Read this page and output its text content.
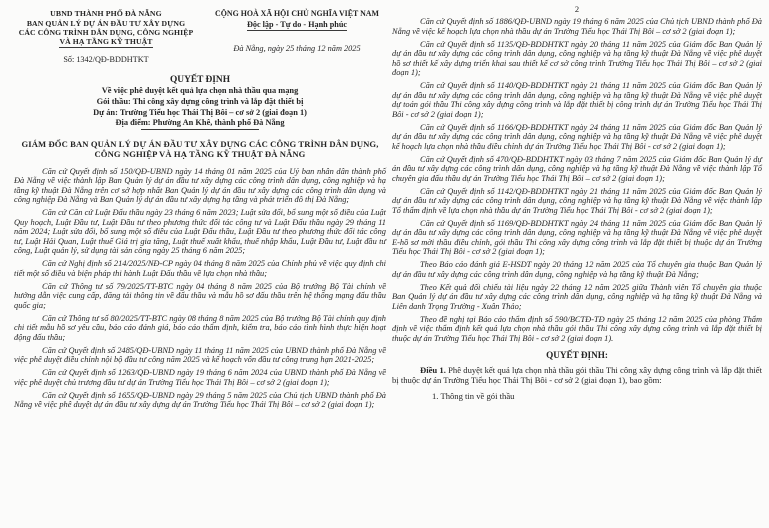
UBND THÀNH PHỐ ĐÀ NẴNG
BAN QUẢN LÝ DỰ ÁN ĐẦU TƯ XÂY DỰNG
CÁC CÔNG TRÌNH DÂN DỤNG, CÔNG NGHIỆP
VÀ HẠ TẦNG KỸ THUẬT
Số: 1342/QĐ-BDDHTKT
CỘNG HOÀ XÃ HỘI CHỦ NGHĨA VIỆT NAM
Độc lập - Tự do - Hạnh phúc
Đà Nẵng, ngày 25 tháng 12 năm 2025
QUYẾT ĐỊNH
Về việc phê duyệt kết quả lựa chọn nhà thầu qua mạng
Gói thầu: Thi công xây dựng công trình và lắp đặt thiết bị
Dự án: Trường Tiểu học Thái Thị Bôi – cơ sở 2 (giai đoạn 1)
Địa điểm: Phường An Khê, thành phố Đà Nẵng
GIÁM ĐỐC BAN QUẢN LÝ DỰ ÁN ĐẦU TƯ XÂY DỰNG CÁC CÔNG TRÌNH DÂN DỤNG, CÔNG NGHIỆP VÀ HẠ TẦNG KỸ THUẬT ĐÀ NẴNG

Căn cứ Quyết định số 150/QĐ-UBND ngày 14 tháng 01 năm 2025 của Uỷ ban nhân dân thành phố Đà Nẵng về việc thành lập Ban Quản lý dự án đầu tư xây dựng các công trình dân dụng, công nghiệp và hạ tầng kỹ thuật Đà Nẵng trên cơ sở hợp nhất Ban Quản lý dự án đầu tư xây dựng các công trình dân dụng và công nghiệp Đà Nẵng và Ban Quản lý dự án đầu tư xây dựng hạ tầng và phát triển đô thị Đà Nẵng;

Căn cứ Căn cứ Luật Đấu thầu ngày 23 tháng 6 năm 2023; Luật sửa đổi, bổ sung một số điều của Luật Quy hoạch, Luật Đầu tư, Luật Đầu tư theo phương thức đối tác công tư và Luật Đấu thầu ngày 29 tháng 11 năm 2024; Luật sửa đổi, bổ sung một số điều của Luật Đấu thầu, Luật Đầu tư theo phương thức đối tác công tư, Luật Hải Quan, Luật thuế Giá trị gia tăng, Luật thuế xuất khẩu, thuế nhập khẩu, Luật Đầu tư, Luật đầu tư công, Luật quản lý, sử dụng tài sản công ngày 25 tháng 6 năm 2025;

Căn cứ Nghị định số 214/2025/NĐ-CP ngày 04 tháng 8 năm 2025 của Chính phủ về việc quy định chi tiết một số điều và biện pháp thi hành Luật Đấu thầu về lựa chọn nhà thầu;

Căn cứ Thông tư số 79/2025/TT-BTC ngày 04 tháng 8 năm 2025 của Bộ trưởng Bộ Tài chính về hướng dẫn việc cung cấp, đăng tải thông tin về đấu thầu và mẫu hồ sơ đấu thầu trên hệ thống mạng đấu thầu quốc gia;

Căn cứ Thông tư số 80/2025/TT-BTC ngày 08 tháng 8 năm 2025 của Bộ trưởng Bộ Tài chính quy định chi tiết mẫu hồ sơ yêu cầu, báo cáo đánh giá, báo cáo thẩm định, kiểm tra, báo cáo tình hình thực hiện hoạt động đấu thầu;

Căn cứ Quyết định số 2485/QĐ-UBND ngày 11 tháng 11 năm 2025 của UBND thành phố Đà Nẵng về việc phê duyệt điều chỉnh nội bộ đầu tư công năm 2025 và kế hoạch vốn đầu tư công trung hạn 2021-2025;

Căn cứ Quyết định số 1263/QĐ-UBND ngày 19 tháng 6 năm 2024 của UBND thành phố Đà Nẵng về việc phê duyệt chủ trương đầu tư dự án Trường Tiểu học Thái Thị Bôi – cơ sở 2 (giai đoạn 1);

Căn cứ Quyết định số 1655/QĐ-UBND ngày 29 tháng 5 năm 2025 của Chủ tịch UBND thành phố Đà Nẵng về việc phê duyệt dự án đầu tư xây dựng dự án Trường Tiểu học Thái Thị Bôi – cơ sở 2 (giai đoạn 1);

2

Căn cứ Quyết định số 1886/QĐ-UBND ngày 19 tháng 6 năm 2025 của Chủ tịch UBND thành phố Đà Nẵng về việc kế hoạch lựa chọn nhà thầu dự án Trường Tiểu học Thái Thị Bôi – cơ sở 2 (giai đoạn 1);

Căn cứ Quyết định số 1135/QĐ-BDDHTKT ngày 20 tháng 11 năm 2025 của Giám đốc Ban Quản lý dự án đầu tư xây dựng các công trình dân dụng, công nghiệp và hạ tầng kỹ thuật Đà Nẵng về việc phê duyệt hồ sơ thiết kế xây dựng triển khai sau thiết kế cơ sở công trình Trường Tiểu học Thái Thị Bôi – cơ sở 2 (giai đoạn 1);

Căn cứ Quyết định số 1140/QĐ-BDDHTKT ngày 21 tháng 11 năm 2025 của Giám đốc Ban Quản lý dự án đầu tư xây dựng các công trình dân dụng, công nghiệp và hạ tầng kỹ thuật Đà Nẵng về việc phê duyệt dự toán gói thầu Thi công xây dựng công trình và lắp đặt thiết bị công trình dự án Trường Tiểu học Thái Thị Bôi - cơ sở 2 (giai đoạn 1);

Căn cứ Quyết định số 1166/QĐ-BDDHTKT ngày 24 tháng 11 năm 2025 của Giám đốc Ban Quản lý dự án đầu tư xây dựng các công trình dân dụng, công nghiệp và hạ tầng kỹ thuật Đà Nẵng về việc phê duyệt kế hoạch lựa chọn nhà thầu điều chỉnh dự án Trường Tiểu học Thái Thị Bôi - cơ sở 2 (giai đoạn 1);

Căn cứ Quyết định số 470/QĐ-BDDHTKT ngày 03 tháng 7 năm 2025 của Giám đốc Ban Quản lý dự án đầu tư xây dựng các công trình dân dụng, công nghiệp và hạ tầng kỹ thuật Đà Nẵng về việc thành lập Tổ chuyên gia đấu thầu dự án Trường Tiểu học Thái Thị Bôi – cơ sở 2 (giai đoạn 1);

Căn cứ Quyết định số 1142/QĐ-BDDHTKT ngày 21 tháng 11 năm 2025 của Giám đốc Ban Quản lý dự án đầu tư xây dựng các công trình dân dụng, công nghiệp và hạ tầng kỹ thuật Đà Nẵng về việc thành lập Tổ thẩm định về lựa chọn nhà thầu dự án Trường Tiểu học Thái Thị Bôi - cơ sở 2 (giai đoạn 1);

Căn cứ Quyết định số 1169/QĐ-BDDHTKT ngày 24 tháng 11 năm 2025 của Giám đốc Ban Quản lý dự án đầu tư xây dựng các công trình dân dụng, công nghiệp và hạ tầng kỹ thuật Đà Nẵng về việc phê duyệt E-hồ sơ mời thầu điều chỉnh, gói thầu Thi công xây dựng công trình và lắp đặt thiết bị thuộc dự án Trường Tiểu học Thái Thị Bôi - cơ sở 2 (giai đoạn 1);

Theo Báo cáo đánh giá E-HSDT ngày 20 tháng 12 năm 2025 của Tổ chuyên gia thuộc Ban Quản lý dự án đầu tư xây dựng các công trình dân dụng, công nghiệp và hạ tầng kỹ thuật Đà Nẵng;

Theo Kết quả đối chiếu tài liệu ngày 22 tháng 12 năm 2025 giữa Thành viên Tổ chuyên gia thuộc Ban Quản lý dự án đầu tư xây dựng các công trình dân dụng, công nghiệp và hạ tầng kỹ thuật Đà Nẵng và Liên danh Trọng Trường - Xuân Thảo;

Theo đề nghị tại Báo cáo thẩm định số 590/BCTĐ-TĐ ngày 25 tháng 12 năm 2025 của phòng Thẩm định về việc thẩm định kết quả lựa chọn nhà thầu gói thầu Thi công xây dựng công trình và lắp đặt thiết bị thuộc dự án Trường Tiểu học Thái Thị Bôi - cơ sở 2 (giai đoạn 1).

QUYẾT ĐỊNH:

Điều 1. Phê duyệt kết quả lựa chọn nhà thầu gói thầu Thi công xây dựng công trình và lắp đặt thiết bị thuộc dự án Trường Tiểu học Thái Thị Bôi - cơ sở 2 (giai đoạn 1), bao gồm:

1. Thông tin về gói thầu
